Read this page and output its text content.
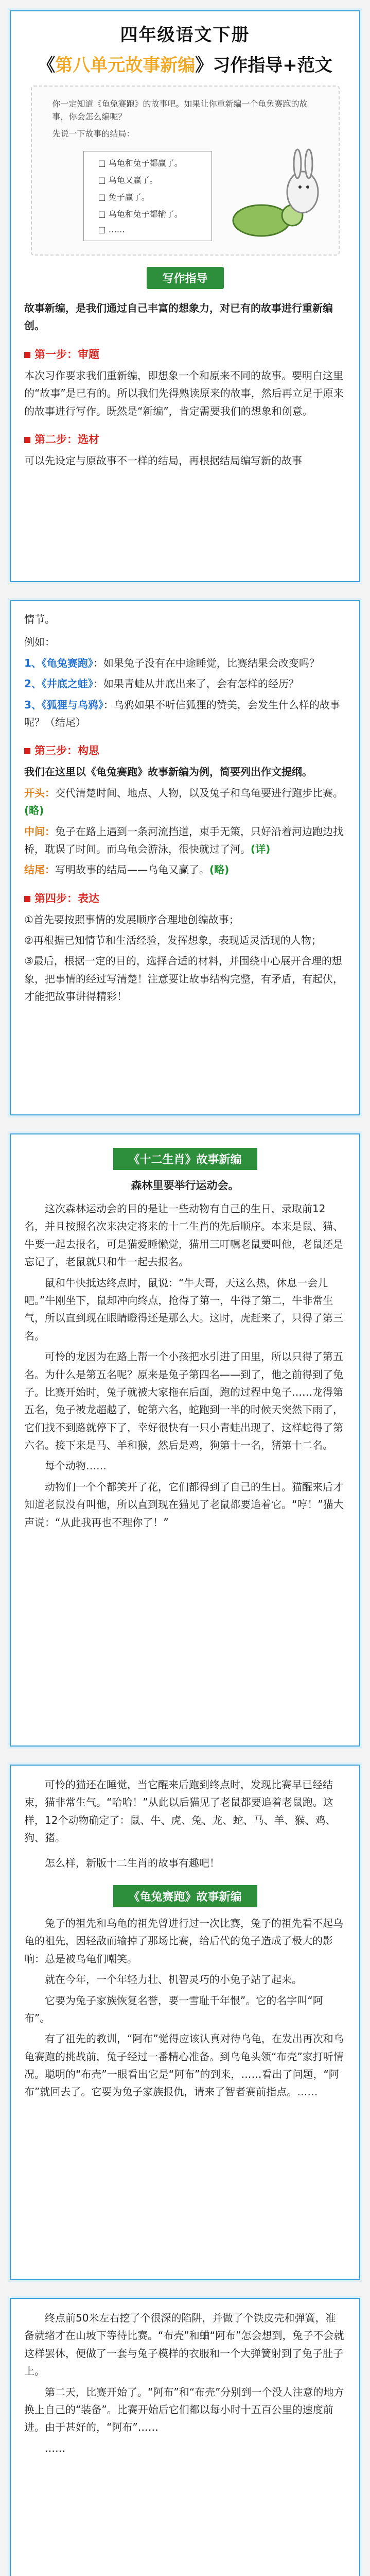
四年级语文下册
《第八单元故事新编》习作指导+范文

你一定知道《龟兔赛跑》的故事吧。如果让你重新编一个龟兔赛跑的故事，你会怎么编呢？

先说一下故事的结局：

□ 乌龟和兔子都赢了。
□ 乌龟又赢了。
□ 兔子赢了。
□ 乌龟和兔子都输了。
□ ……
写作指导

故事新编，是我们通过自己丰富的想象力，对已有的故事进行重新编创。

第一步：审题

本次习作要求我们重新编，即想象一个和原来不同的故事。要明白这里的“故事”是已有的。所以我们先得熟读原来的故事，然后再立足于原来的故事进行写作。既然是“新编”，肯定需要我们的想象和创意。

第二步：选材

可以先设定与原故事不一样的结局，再根据结局编写新的故事

情节。

例如：

1、《龟兔赛跑》：如果兔子没有在中途睡觉，比赛结果会改变吗？

2、《井底之蛙》：如果青蛙从井底出来了，会有怎样的经历？

3、《狐狸与乌鸦》：乌鸦如果不听信狐狸的赞美，会发生什么样的故事呢？（结尾）

第三步：构思

我们在这里以《龟兔赛跑》故事新编为例，简要列出作文提纲。

开头：交代清楚时间、地点、人物，以及兔子和乌龟要进行跑步比赛。(略)

中间：兔子在路上遇到一条河流挡道，束手无策，只好沿着河边跑边找桥，耽误了时间。而乌龟会游泳，很快就过了河。(详)

结尾：写明故事的结局——乌龟又赢了。(略)

第四步：表达

①首先要按照事情的发展顺序合理地创编故事；

②再根据已知情节和生活经验，发挥想象，表现适灵活现的人物；

③最后，根据一定的目的，选择合适的材料，并围绕中心展开合理的想象，把事情的经过写清楚！注意要让故事结构完整，有矛盾，有起伏，才能把故事讲得精彩！

《十二生肖》故事新编
森林里要举行运动会。

这次森林运动会的目的是让一些动物有自己的生日，录取前12名，并且按照名次来决定将来的十二生肖的先后顺序。本来是鼠、猫、牛要一起去报名，可是猫爱睡懒觉，猫用三叮嘱老鼠要叫他，老鼠还是忘记了，老鼠就只和牛一起去报名。

鼠和牛快抵达终点时，鼠说：“牛大哥，天这么热，休息一会儿吧。”牛刚坐下，鼠却冲向终点，抢得了第一，牛得了第二，牛非常生气，所以直到现在眼睛瞪得还是那么大。这时，虎赶来了，只得了第三名。

可怜的龙因为在路上帮一个小孩把水引进了田里，所以只得了第五名。为什么是第五名呢？原来是兔子第四名——到了，他之前得到了兔子。比赛开始时，兔子就被大家拖在后面，跑的过程中兔子……龙得第五名，兔子被龙超越了，蛇第六名，蛇跑到一半的时候天突然下雨了，它们找不到路就停下了，幸好很快有一只小青蛙出现了，这样蛇得了第六名。接下来是马、羊和猴，然后是鸡，狗第十一名，猪第十二名。

每个动物……

动物们一个个都笑开了花，它们都得到了自己的生日。猫醒来后才知道老鼠没有叫他，所以直到现在猫见了老鼠都要追着它。“哼！”猫大声说：“从此我再也不理你了！”

可怜的猫还在睡觉，当它醒来后跑到终点时，发现比赛早已经结束，猫非常生气。“哈哈！”从此以后猫见了老鼠都要追着老鼠跑。这样，12个动物确定了：鼠、牛、虎、兔、龙、蛇、马、羊、猴、鸡、狗、猪。

怎么样，新版十二生肖的故事有趣吧！

《龟兔赛跑》故事新编

兔子的祖先和乌龟的祖先曾进行过一次比赛，兔子的祖先看不起乌龟的祖先，因轻敌而输掉了那场比赛，给后代的兔子造成了极大的影响：总是被乌龟们嘲笑。

就在今年，一个年轻力壮、机智灵巧的小兔子站了起来。

它要为兔子家族恢复名誉，要一雪耻千年恨”。它的名字叫“阿布”。

有了祖先的教训，“阿布”觉得应该认真对待乌龟，在发出再次和乌龟赛跑的挑战前，兔子经过一番精心准备。到乌龟头领“布壳”家打听情况。聪明的“布壳”一眼看出它是“阿布”的到来，……看出了问题，“阿布”就回去了。它要为兔子家族报仇，请来了智者赛前指点。……

终点前50米左右挖了个很深的陷阱，并做了个铁皮壳和弹簧，准备就绪才在山坡下等待比赛。“布壳”和蛐“阿布”怎会想到，兔子不会就这样罢休，便做了一套与兔子模样的衣服和一个大弹簧射到了兔子肚子上。

第二天，比赛开始了。“阿布”和“布壳”分别到一个没人注意的地方换上自己的“装备”。比赛开始后它们都以每小时十五百公里的速度前进。由于甚好的，“阿布”……

……
